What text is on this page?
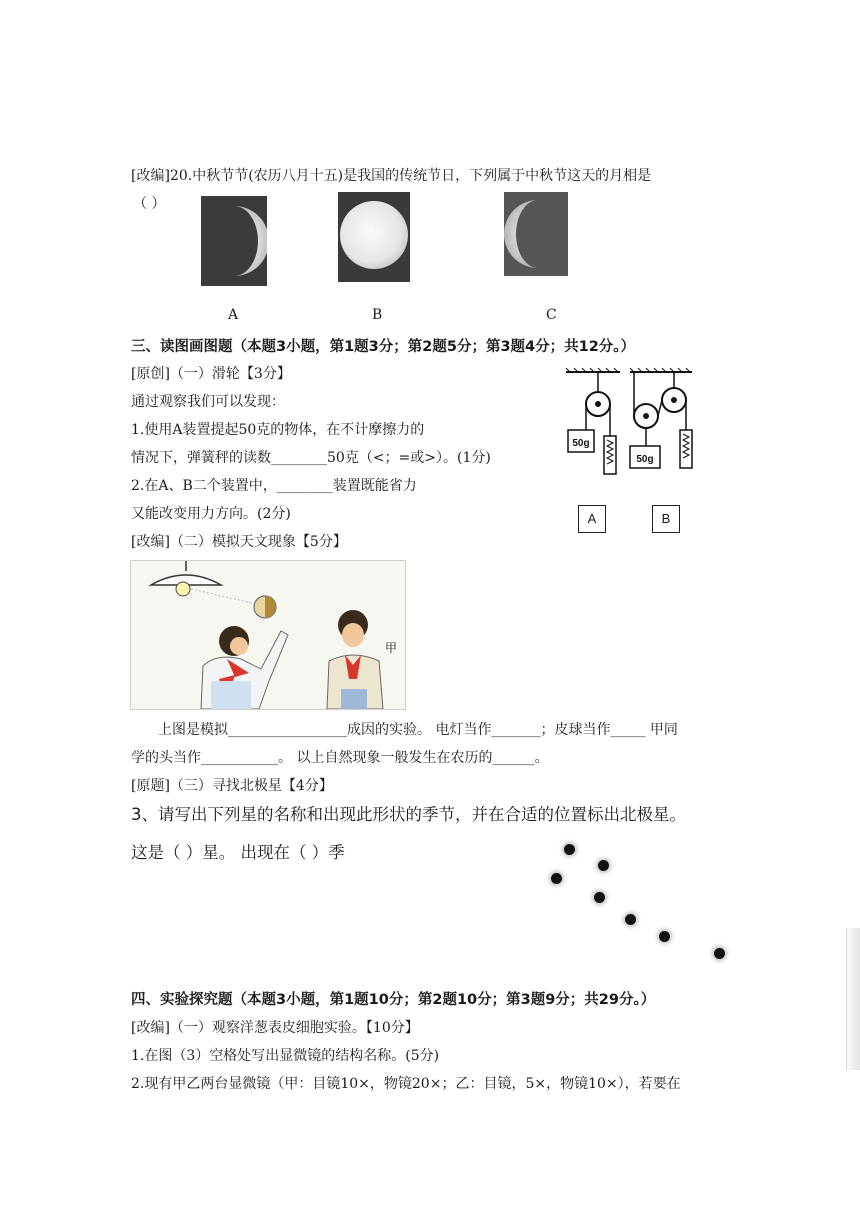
[改编]20.中秋节节(农历八月十五)是我国的传统节日，下列属于中秋节这天的月相是
（ ）
A	B	C
三、读图画图题（本题3小题，第1题3分；第2题5分；第3题4分；共12分。）
[原创]（一）滑轮【3分】
通过观察我们可以发现：
1.使用A装置提起50克的物体，在不计摩擦力的
情况下，弹簧秤的读数________50克（<；=或>）。(1分)
2.在A、B二个装置中，________装置既能省力
又能改变用力方向。(2分)
50g
50g
A	B
[改编]（二）模拟天文现象【5分】
甲
上图是模拟_________________成因的实验。 电灯当作_______；皮球当作_____ 甲同
学的头当作___________。 以上自然现象一般发生在农历的______。
[原题]（三）寻找北极星【4分】
3、请写出下列星的名称和出现此形状的季节，并在合适的位置标出北极星。
这是（ ）星。 出现在（ ）季
四、实验探究题（本题3小题，第1题10分；第2题10分；第3题9分；共29分。）
[改编]（一）观察洋葱表皮细胞实验。【10分】
1.在图（3）空格处写出显微镜的结构名称。(5分)
2.现有甲乙两台显微镜（甲：目镜10×，物镜20×；乙：目镜，5×，物镜10×），若要在
